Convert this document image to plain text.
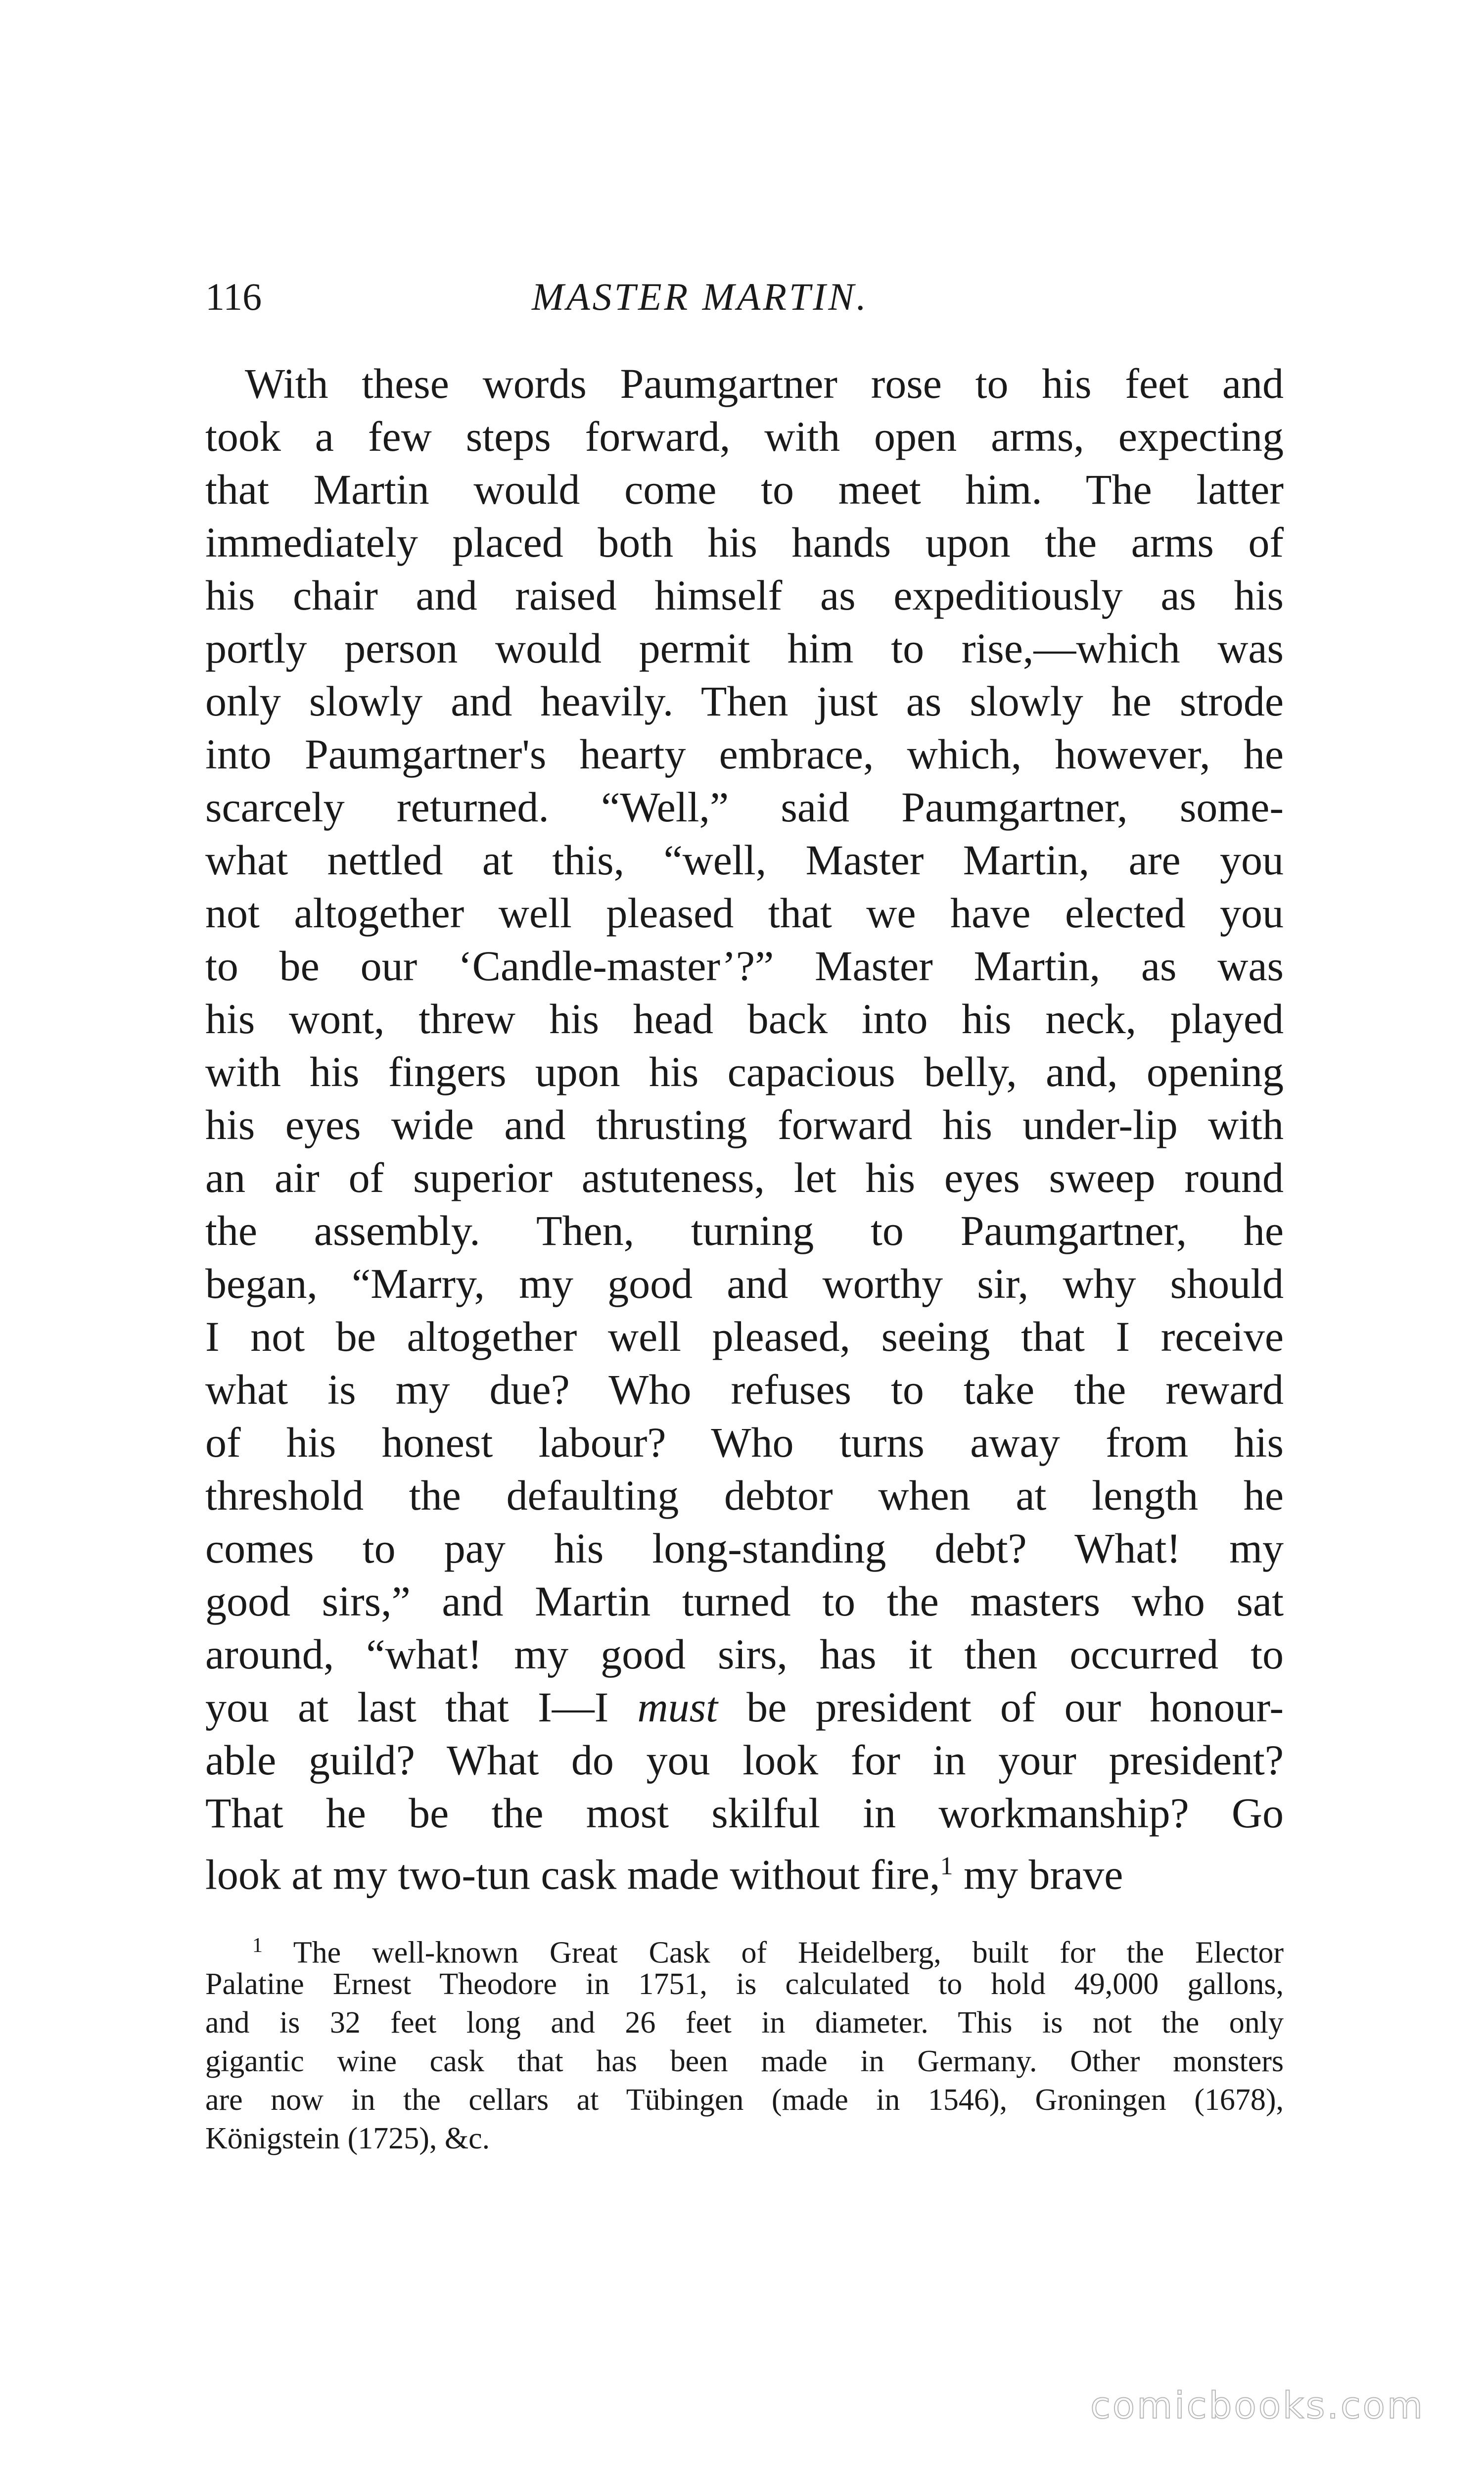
116	MASTER MARTIN.
With these words Paumgartner rose to his feet and
took a few steps forward, with open arms, expecting
that Martin would come to meet him. The latter
immediately placed both his hands upon the arms of
his chair and raised himself as expeditiously as his
portly person would permit him to rise,—which was
only slowly and heavily. Then just as slowly he strode
into Paumgartner's hearty embrace, which, however, he
scarcely returned. “Well,” said Paumgartner, some-
what nettled at this, “well, Master Martin, are you
not altogether well pleased that we have elected you
to be our ‘Candle-master’?” Master Martin, as was
his wont, threw his head back into his neck, played
with his fingers upon his capacious belly, and, opening
his eyes wide and thrusting forward his under-lip with
an air of superior astuteness, let his eyes sweep round
the assembly. Then, turning to Paumgartner, he
began, “Marry, my good and worthy sir, why should
I not be altogether well pleased, seeing that I receive
what is my due? Who refuses to take the reward
of his honest labour? Who turns away from his
threshold the defaulting debtor when at length he
comes to pay his long-standing debt? What! my
good sirs,” and Martin turned to the masters who sat
around, “what! my good sirs, has it then occurred to
you at last that I—I must be president of our honour-
able guild? What do you look for in your president?
That he be the most skilful in workmanship? Go
look at my two-tun cask made without fire,$^1$ my brave
$^1$ The well-known Great Cask of Heidelberg, built for the Elector
Palatine Ernest Theodore in 1751, is calculated to hold 49,000 gallons,
and is 32 feet long and 26 feet in diameter. This is not the only
gigantic wine cask that has been made in Germany. Other monsters
are now in the cellars at Tübingen (made in 1546), Groningen (1678),
Königstein (1725), &c.
comicbooks.com
